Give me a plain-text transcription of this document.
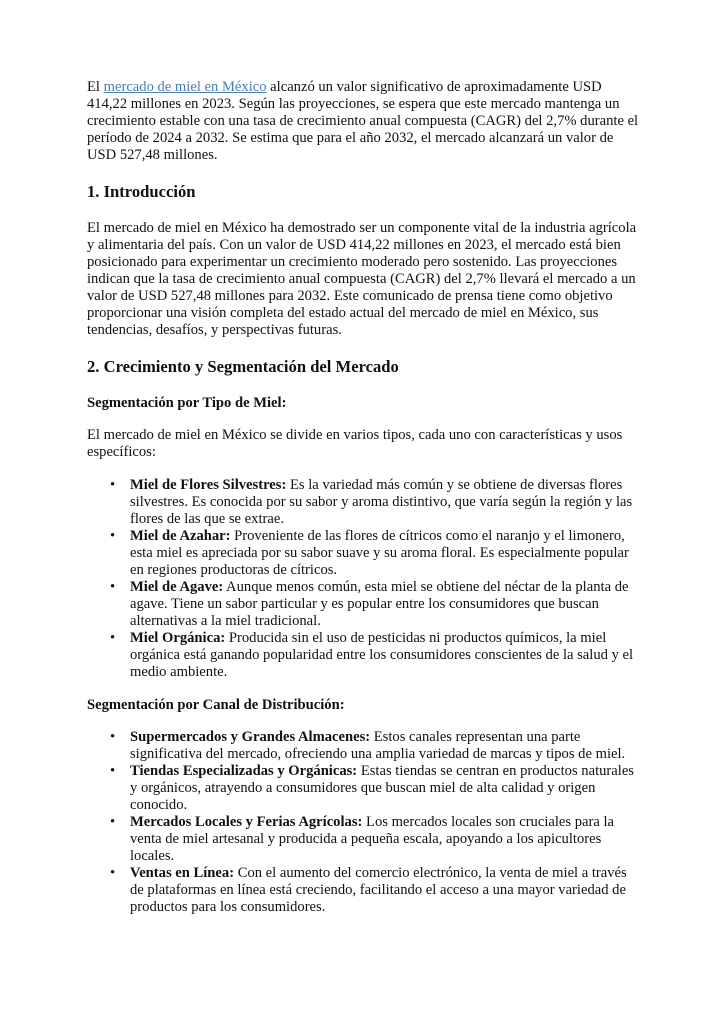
El mercado de miel en México alcanzó un valor significativo de aproximadamente USD 414,22 millones en 2023. Según las proyecciones, se espera que este mercado mantenga un crecimiento estable con una tasa de crecimiento anual compuesta (CAGR) del 2,7% durante el período de 2024 a 2032. Se estima que para el año 2032, el mercado alcanzará un valor de USD 527,48 millones.

1. Introducción

El mercado de miel en México ha demostrado ser un componente vital de la industria agrícola y alimentaria del país. Con un valor de USD 414,22 millones en 2023, el mercado está bien posicionado para experimentar un crecimiento moderado pero sostenido. Las proyecciones indican que la tasa de crecimiento anual compuesta (CAGR) del 2,7% llevará el mercado a un valor de USD 527,48 millones para 2032. Este comunicado de prensa tiene como objetivo proporcionar una visión completa del estado actual del mercado de miel en México, sus tendencias, desafíos, y perspectivas futuras.

2. Crecimiento y Segmentación del Mercado
Segmentación por Tipo de Miel:

El mercado de miel en México se divide en varios tipos, cada uno con características y usos específicos:

• Miel de Flores Silvestres: Es la variedad más común y se obtiene de diversas flores silvestres. Es conocida por su sabor y aroma distintivo, que varía según la región y las flores de las que se extrae.
• Miel de Azahar: Proveniente de las flores de cítricos como el naranjo y el limonero, esta miel es apreciada por su sabor suave y su aroma floral. Es especialmente popular en regiones productoras de cítricos.
• Miel de Agave: Aunque menos común, esta miel se obtiene del néctar de la planta de agave. Tiene un sabor particular y es popular entre los consumidores que buscan alternativas a la miel tradicional.
• Miel Orgánica: Producida sin el uso de pesticidas ni productos químicos, la miel orgánica está ganando popularidad entre los consumidores conscientes de la salud y el medio ambiente.
Segmentación por Canal de Distribución:
• Supermercados y Grandes Almacenes: Estos canales representan una parte significativa del mercado, ofreciendo una amplia variedad de marcas y tipos de miel.
• Tiendas Especializadas y Orgánicas: Estas tiendas se centran en productos naturales y orgánicos, atrayendo a consumidores que buscan miel de alta calidad y origen conocido.
• Mercados Locales y Ferias Agrícolas: Los mercados locales son cruciales para la venta de miel artesanal y producida a pequeña escala, apoyando a los apicultores locales.
• Ventas en Línea: Con el aumento del comercio electrónico, la venta de miel a través de plataformas en línea está creciendo, facilitando el acceso a una mayor variedad de productos para los consumidores.
